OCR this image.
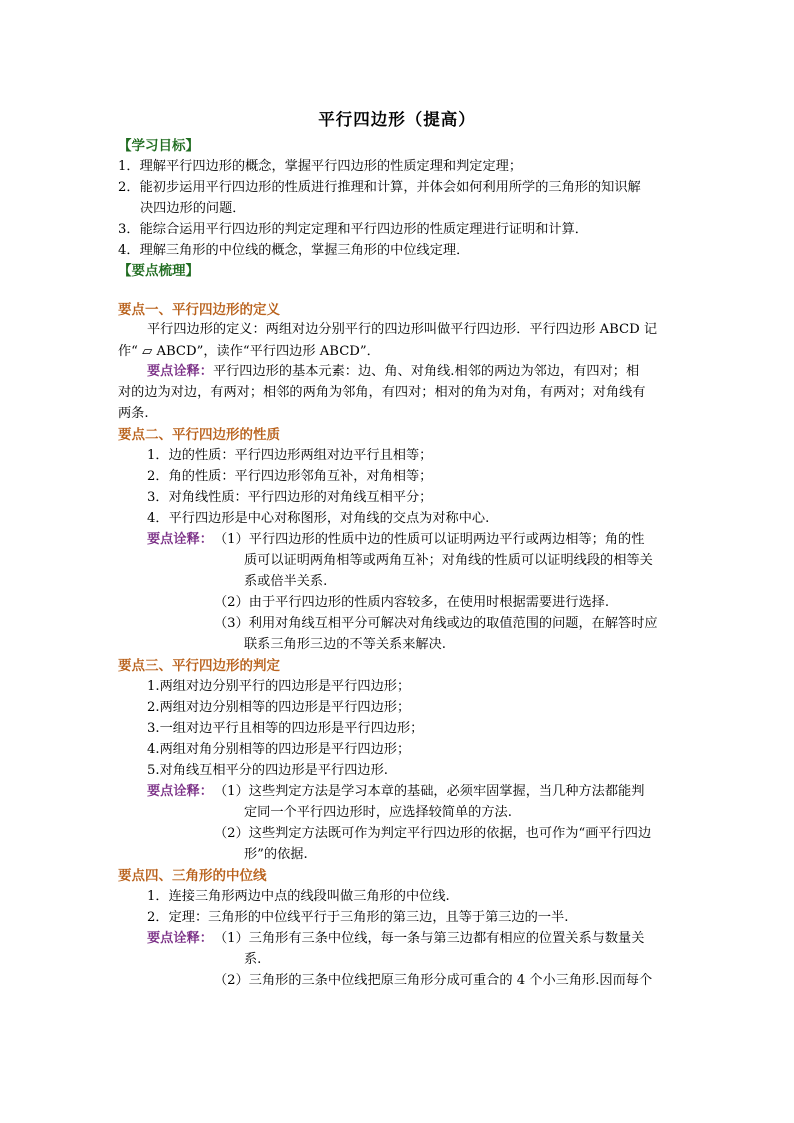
平行四边形（提高）
【学习目标】
1．理解平行四边形的概念，掌握平行四边形的性质定理和判定定理；
2．能初步运用平行四边形的性质进行推理和计算，并体会如何利用所学的三角形的知识解
决四边形的问题．
3．能综合运用平行四边形的判定定理和平行四边形的性质定理进行证明和计算．
4．理解三角形的中位线的概念，掌握三角形的中位线定理．
【要点梳理】
要点一、平行四边形的定义
平行四边形的定义：两组对边分别平行的四边形叫做平行四边形．平行四边形 ABCD 记
作“ ▱ ABCD”，读作“平行四边形 ABCD”．
要点诠释：平行四边形的基本元素：边、角、对角线.相邻的两边为邻边，有四对；相
对的边为对边，有两对；相邻的两角为邻角，有四对；相对的角为对角，有两对；对角线有
两条.
要点二、平行四边形的性质
1．边的性质：平行四边形两组对边平行且相等；
2．角的性质：平行四边形邻角互补，对角相等；
3．对角线性质：平行四边形的对角线互相平分；
4．平行四边形是中心对称图形，对角线的交点为对称中心.
要点诠释： （1）平行四边形的性质中边的性质可以证明两边平行或两边相等；角的性
质可以证明两角相等或两角互补；对角线的性质可以证明线段的相等关
系或倍半关系.
（2）由于平行四边形的性质内容较多，在使用时根据需要进行选择.
（3）利用对角线互相平分可解决对角线或边的取值范围的问题，在解答时应
联系三角形三边的不等关系来解决.
要点三、平行四边形的判定
1.两组对边分别平行的四边形是平行四边形；
2.两组对边分别相等的四边形是平行四边形；
3.一组对边平行且相等的四边形是平行四边形；
4.两组对角分别相等的四边形是平行四边形；
5.对角线互相平分的四边形是平行四边形.
要点诠释： （1）这些判定方法是学习本章的基础，必须牢固掌握，当几种方法都能判
定同一个平行四边形时，应选择较简单的方法.
（2）这些判定方法既可作为判定平行四边形的依据，也可作为“画平行四边
形”的依据.
要点四、三角形的中位线
1．连接三角形两边中点的线段叫做三角形的中位线.
2．定理：三角形的中位线平行于三角形的第三边，且等于第三边的一半.
要点诠释： （1）三角形有三条中位线，每一条与第三边都有相应的位置关系与数量关
系.
（2）三角形的三条中位线把原三角形分成可重合的 4 个小三角形.因而每个
